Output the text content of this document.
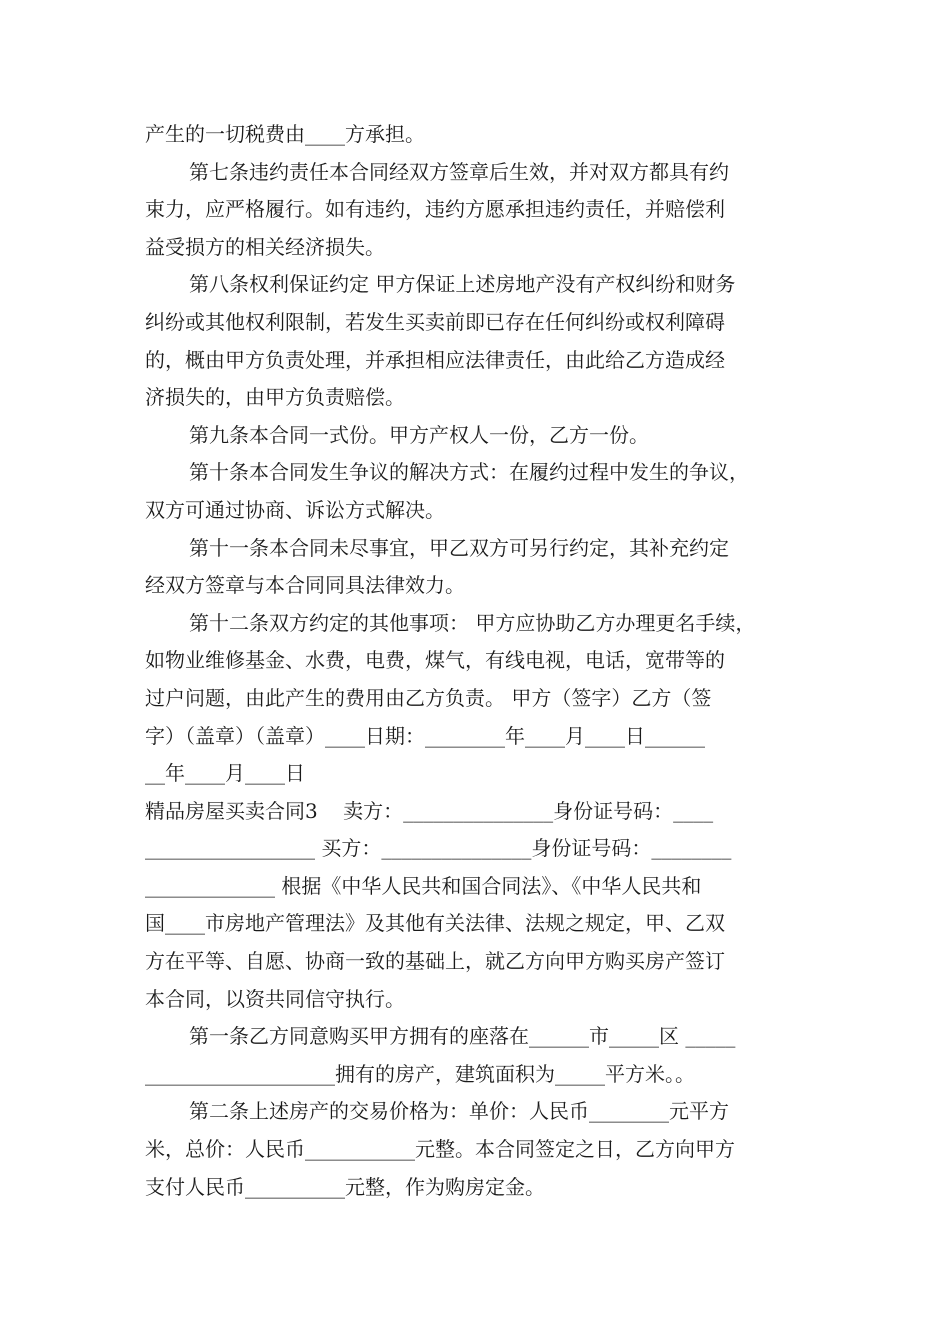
产生的一切税费由____方承担。
第七条违约责任本合同经双方签章后生效，并对双方都具有约
束力，应严格履行。如有违约，违约方愿承担违约责任，并赔偿利
益受损方的相关经济损失。
第八条权利保证约定 甲方保证上述房地产没有产权纠纷和财务
纠纷或其他权利限制，若发生买卖前即已存在任何纠纷或权利障碍
的，概由甲方负责处理，并承担相应法律责任，由此给乙方造成经
济损失的，由甲方负责赔偿。
第九条本合同一式份。甲方产权人一份，乙方一份。
第十条本合同发生争议的解决方式：在履约过程中发生的争议，
双方可通过协商、诉讼方式解决。
第十一条本合同未尽事宜，甲乙双方可另行约定，其补充约定
经双方签章与本合同同具法律效力。
第十二条双方约定的其他事项： 甲方应协助乙方办理更名手续，
如物业维修基金、水费，电费，煤气，有线电视，电话，宽带等的
过户问题，由此产生的费用由乙方负责。 甲方（签字）乙方（签
字）（盖章）（盖章）____日期：________年____月____日______
__年____月____日
精品房屋买卖合同3    卖方：_______________身份证号码：____
_________________ 买方：_______________身份证号码：________
_____________ 根据《中华人民共和国合同法》、《中华人民共和
国____市房地产管理法》及其他有关法律、法规之规定，甲、乙双
方在平等、自愿、协商一致的基础上，就乙方向甲方购买房产签订
本合同，以资共同信守执行。
第一条乙方同意购买甲方拥有的座落在______市_____区 _____
___________________拥有的房产，建筑面积为_____平方米。。
第二条上述房产的交易价格为：单价：人民币________元平方
米，总价：人民币___________元整。本合同签定之日，乙方向甲方
支付人民币__________元整，作为购房定金。
